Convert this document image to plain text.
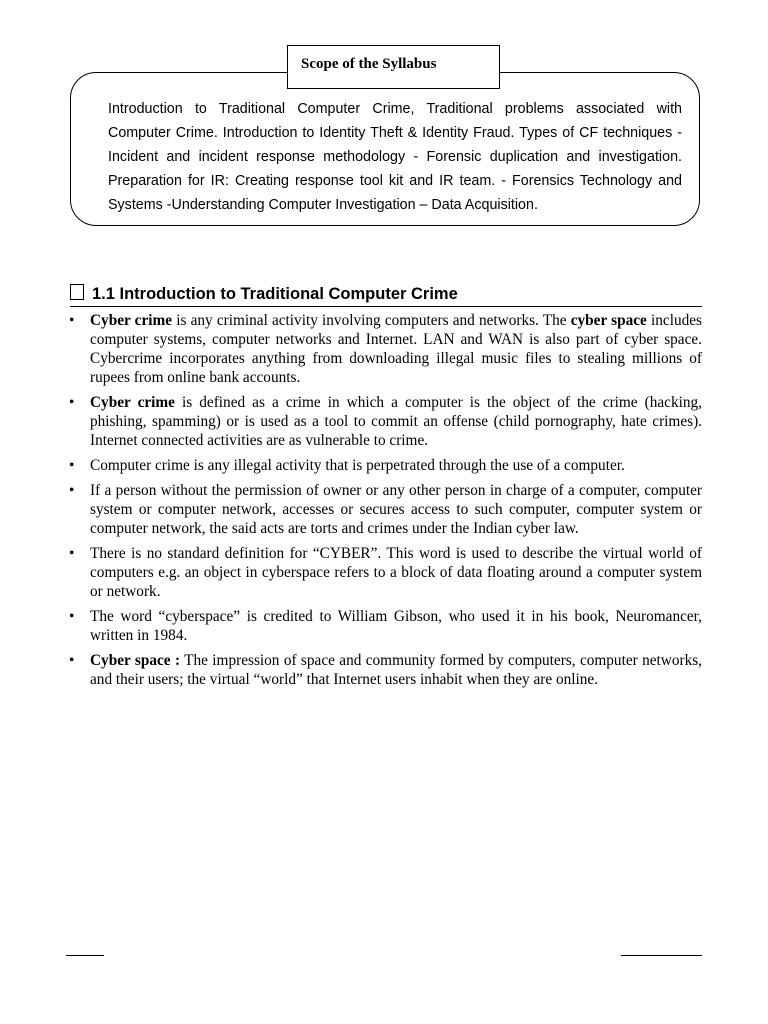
Introduction to Traditional Computer Crime, Traditional problems associated with Computer Crime. Introduction to Identity Theft & Identity Fraud. Types of CF techniques - Incident and incident response methodology - Forensic duplication and investigation. Preparation for IR: Creating response tool kit and IR team. - Forensics Technology and Systems -Understanding Computer Investigation – Data Acquisition.
Scope of the Syllabus
1.1 Introduction to Traditional Computer Crime
• Cyber crime is any criminal activity involving computers and networks. The cyber space includes computer systems, computer networks and Internet. LAN and WAN is also part of cyber space. Cybercrime incorporates anything from downloading illegal music files to stealing millions of rupees from online bank accounts.
• Cyber crime is defined as a crime in which a computer is the object of the crime (hacking, phishing, spamming) or is used as a tool to commit an offense (child pornography, hate crimes). Internet connected activities are as vulnerable to crime.
• Computer crime is any illegal activity that is perpetrated through the use of a computer.
• If a person without the permission of owner or any other person in charge of a computer, computer system or computer network, accesses or secures access to such computer, computer system or computer network, the said acts are torts and crimes under the Indian cyber law.
• There is no standard definition for “CYBER”. This word is used to describe the virtual world of computers e.g. an object in cyberspace refers to a block of data floating around a computer system or network.
• The word “cyberspace” is credited to William Gibson, who used it in his book, Neuromancer, written in 1984.
• Cyber space : The impression of space and community formed by computers, computer networks, and their users; the virtual “world” that Internet users inhabit when they are online.
